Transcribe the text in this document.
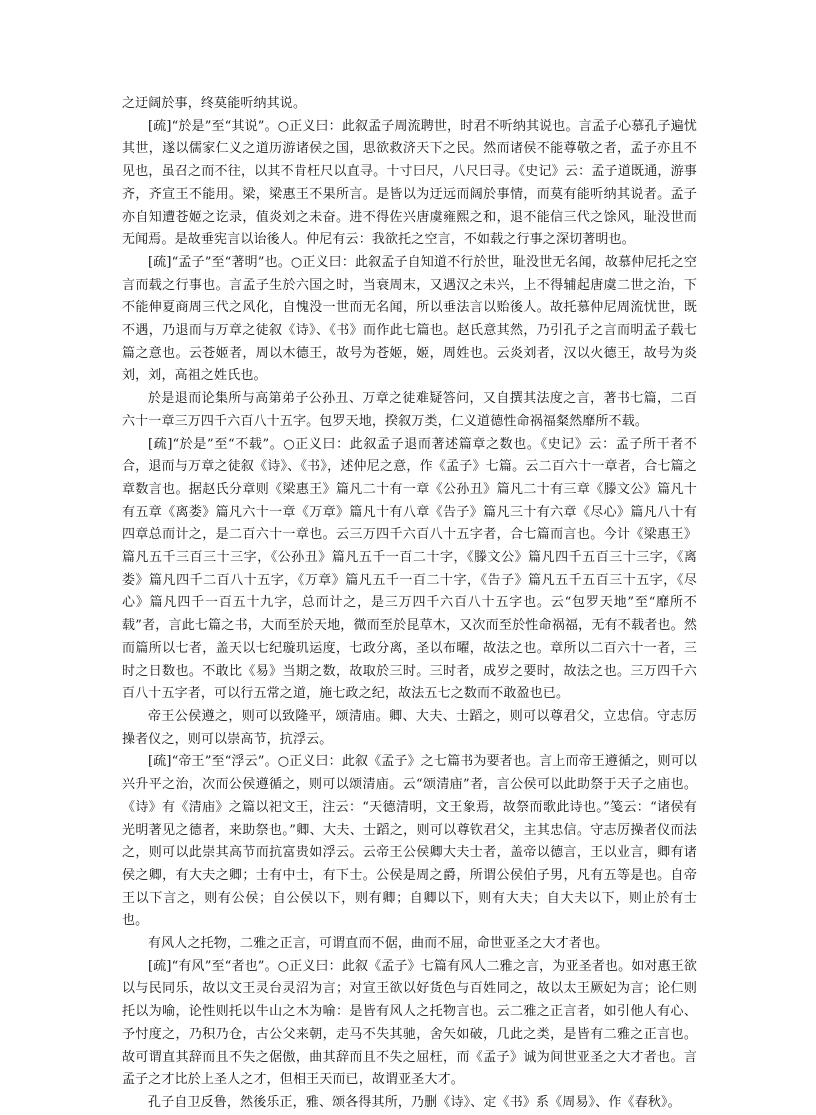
之迂阔於事，终莫能听纳其说。

[疏]“於是”至“其说”。○正义曰：此叙孟子周流聘世，时君不听纳其说也。言孟子心慕孔子遍忧其世，遂以儒家仁义之道历游诸侯之国，思欲救济天下之民。然而诸侯不能尊敬之者，孟子亦且不见也，虽召之而不往，以其不肯枉尺以直寻。十寸曰尺，八尺曰寻。《史记》云：孟子道既通，游事齐，齐宣王不能用。梁，梁惠王不果所言。是皆以为迂远而阔於事情，而莫有能听纳其说者。孟子亦自知遭苍姬之讫录，值炎刘之未奋。进不得佐兴唐虞雍熙之和，退不能信三代之馀风，耻没世而无闻焉。是故垂宪言以诒後人。仲尼有云：我欲托之空言，不如载之行事之深切著明也。

[疏]“孟子”至“著明”也。○正义曰：此叙孟子自知道不行於世，耻没世无名闻，故慕仲尼托之空言而载之行事也。言孟子生於六国之时，当衰周末，又遇汉之未兴，上不得辅起唐虞二世之治，下不能伸夏商周三代之风化，自愧没一世而无名闻，所以垂法言以贻後人。故托慕仲尼周流忧世，既不遇，乃退而与万章之徒叙《诗》、《书》而作此七篇也。赵氏意其然，乃引孔子之言而明孟子载七篇之意也。云苍姬者，周以木德王，故号为苍姬，姬，周姓也。云炎刘者，汉以火德王，故号为炎刘，刘，高祖之姓氏也。

於是退而论集所与高第弟子公孙丑、万章之徒难疑答问，又自撰其法度之言，著书七篇，二百六十一章三万四千六百八十五字。包罗天地，揆叙万类，仁义道德性命祸福粲然靡所不载。

[疏]“於是”至“不载”。○正义曰：此叙孟子退而著述篇章之数也。《史记》云：孟子所干者不合，退而与万章之徒叙《诗》、《书》，述仲尼之意，作《孟子》七篇。云二百六十一章者，合七篇之章数言也。据赵氏分章则《梁惠王》篇凡二十有一章《公孙丑》篇凡二十有三章《滕文公》篇凡十有五章《离娄》篇凡六十一章《万章》篇凡十有八章《告子》篇凡三十有六章《尽心》篇凡八十有四章总而计之，是二百六十一章也。云三万四千六百八十五字者，合七篇而言也。今计《梁惠王》篇凡五千三百三十三字，《公孙丑》篇凡五千一百二十字，《滕文公》篇凡四千五百三十三字，《离娄》篇凡四千二百八十五字，《万章》篇凡五千一百二十字，《告子》篇凡五千五百三十五字，《尽心》篇凡四千一百五十九字，总而计之，是三万四千六百八十五字也。云“包罗天地”至“靡所不载”者，言此七篇之书，大而至於天地，微而至於昆草木，又次而至於性命祸福，无有不载者也。然而篇所以七者，盖天以七纪璇玑运度，七政分离，圣以布曜，故法之也。章所以二百六十一者，三时之日数也。不敢比《易》当期之数，故取於三时。三时者，成岁之要时，故法之也。三万四千六百八十五字者，可以行五常之道，施七政之纪，故法五七之数而不敢盈也已。

帝王公侯遵之，则可以致隆平，颂清庙。卿、大夫、士蹈之，则可以尊君父，立忠信。守志厉操者仪之，则可以崇高节，抗浮云。

[疏]“帝王”至“浮云”。○正义曰：此叙《孟子》之七篇书为要者也。言上而帝王遵循之，则可以兴升平之治，次而公侯遵循之，则可以颂清庙。云“颂清庙”者，言公侯可以此助祭于天子之庙也。《诗》有《清庙》之篇以祀文王，注云：“天德清明，文王象焉，故祭而歌此诗也。”笺云：“诸侯有光明著见之德者，来助祭也。”卿、大夫、士蹈之，则可以尊钦君父，主其忠信。守志厉操者仪而法之，则可以此崇其高节而抗富贵如浮云。云帝王公侯卿大夫士者，盖帝以德言，王以业言，卿有诸侯之卿，有大夫之卿；士有中士，有下士。公侯是周之爵，所谓公侯伯子男，凡有五等是也。自帝王以下言之，则有公侯；自公侯以下，则有卿；自卿以下，则有大夫；自大夫以下，则止於有士也。

有风人之托物，二雅之正言，可谓直而不倨，曲而不屈，命世亚圣之大才者也。

[疏]“有风”至“者也”。○正义曰：此叙《孟子》七篇有风人二雅之言，为亚圣者也。如对惠王欲以与民同乐，故以文王灵台灵沼为言；对宣王欲以好货色与百姓同之，故以太王厥妃为言；论仁则托以为喻，论性则托以牛山之木为喻：是皆有风人之托物言也。云二雅之正言者，如引他人有心、予忖度之，乃积乃仓，古公父来朝，走马不失其驰，舍矢如破，几此之类，是皆有二雅之正言也。故可谓直其辞而且不失之倨傲，曲其辞而且不失之屈枉，而《孟子》诚为间世亚圣之大才者也。言孟子之才比於上圣人之才，但相王天而已，故谓亚圣大才。

孔子自卫反鲁，然後乐正，雅、颂各得其所，乃删《诗》、定《书》系《周易》、作《春秋》。
